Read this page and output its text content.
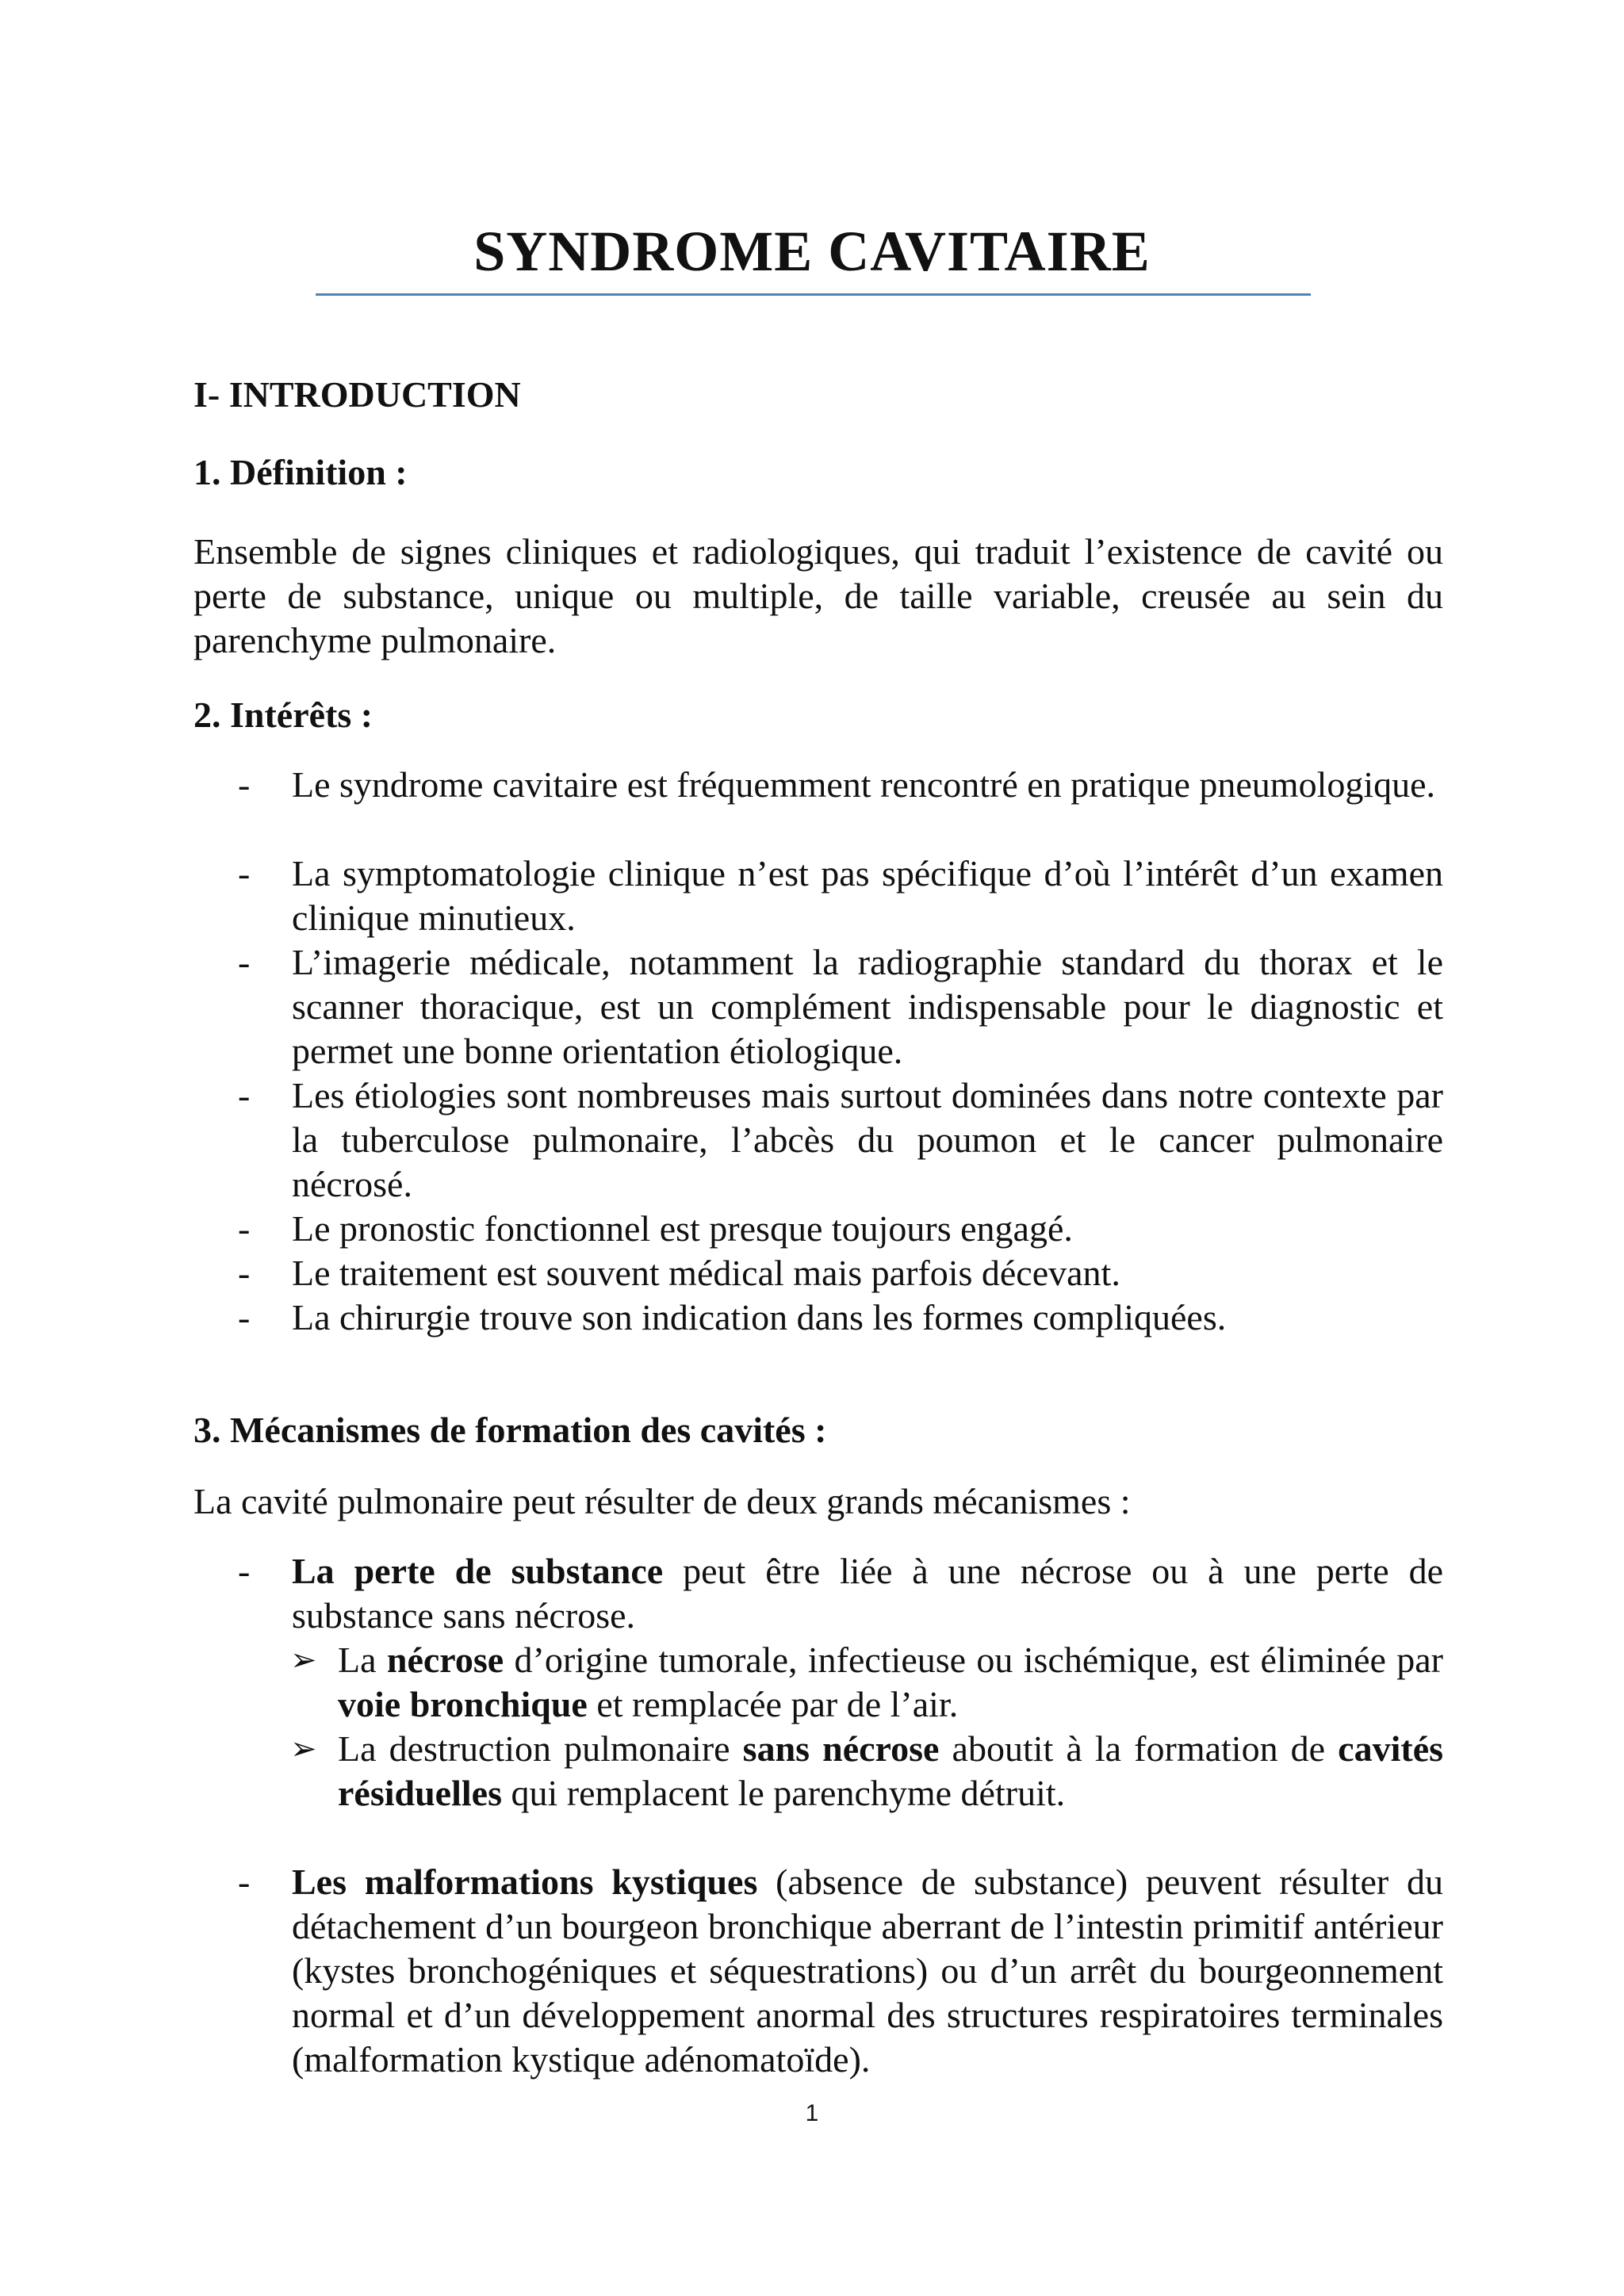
SYNDROME CAVITAIRE
I- INTRODUCTION
1. Définition :
Ensemble de signes cliniques et radiologiques, qui traduit l’existence de cavité ou perte de substance, unique ou multiple, de taille variable, creusée au sein du parenchyme pulmonaire.
2. Intérêts :
-	Le syndrome cavitaire est fréquemment rencontré en pratique pneumologique.
-	La symptomatologie clinique n’est pas spécifique d’où l’intérêt d’un examen clinique minutieux.
-	L’imagerie médicale, notamment la radiographie standard du thorax et le scanner thoracique, est un complément indispensable pour le diagnostic et permet une bonne orientation étiologique.
-	Les étiologies sont nombreuses mais surtout dominées dans notre contexte par la tuberculose pulmonaire, l’abcès du poumon et le cancer pulmonaire nécrosé.
-	Le pronostic fonctionnel est presque toujours engagé.
-	Le traitement est souvent médical mais parfois décevant.
-	La chirurgie trouve son indication dans les formes compliquées.
3. Mécanismes de formation des cavités :
La cavité pulmonaire peut résulter de deux grands mécanismes :
-	La perte de substance peut être liée à une nécrose ou à une perte de substance sans nécrose.
➢ La nécrose d’origine tumorale, infectieuse ou ischémique, est éliminée par voie bronchique et remplacée par de l’air.
➢ La destruction pulmonaire sans nécrose aboutit à la formation de cavités résiduelles qui remplacent le parenchyme détruit.
-	Les malformations kystiques (absence de substance) peuvent résulter du détachement d’un bourgeon bronchique aberrant de l’intestin primitif antérieur (kystes bronchogéniques et séquestrations) ou d’un arrêt du bourgeonnement normal et d’un développement anormal des structures respiratoires terminales (malformation kystique adénomatoïde).
1
